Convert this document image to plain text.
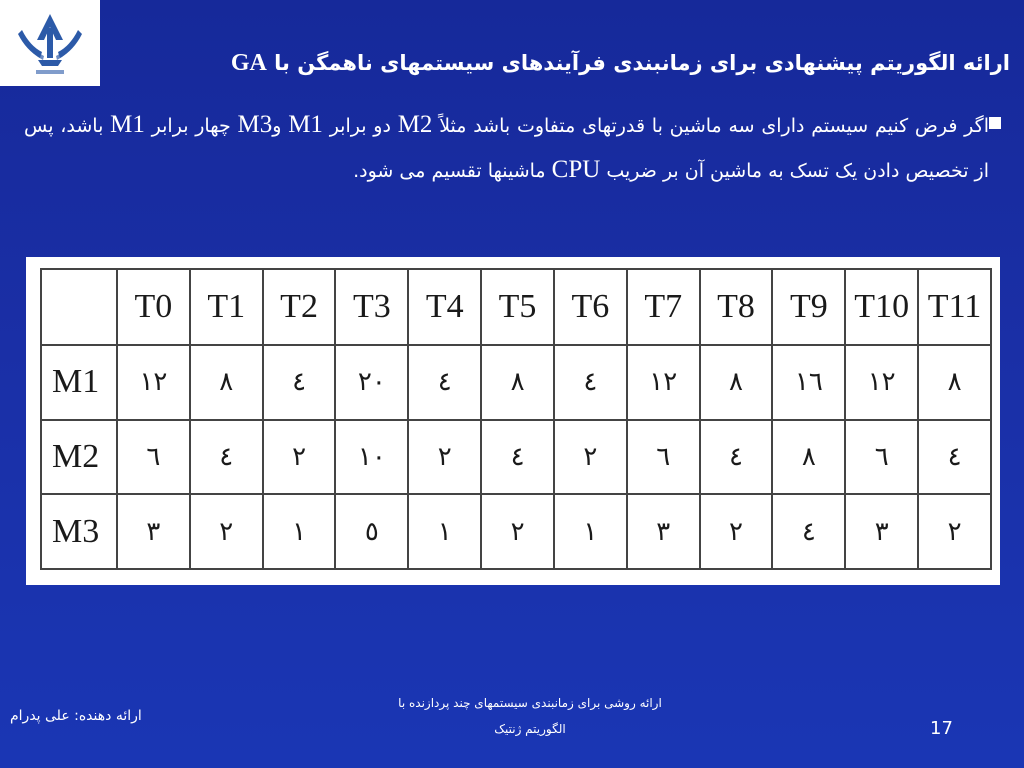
ارائه الگوریتم پیشنهادی برای زمانبندی فرآیندهای سیستمهای ناهمگن با GA
اگر فرض کنیم سیستم دارای سه ماشین با قدرتهای متفاوت باشد مثلاً M2 دو برابر M1 وM3 چهار برابر M1 باشد، پس از تخصیص دادن یک تسک به ماشین آن بر ضریب CPU ماشینها تقسیم می شود.
	T0	T1	T2	T3	T4	T5	T6	T7	T8	T9	T10	T11
M1	۱۲	۸	٤	۲۰	٤	۸	٤	۱۲	۸	۱٦	۱۲	۸
M2	٦	٤	۲	۱۰	۲	٤	۲	٦	٤	۸	٦	٤
M3	۳	۲	۱	٥	۱	۲	۱	۳	۲	٤	۳	۲
ارائه دهنده: علی پدرام
ارائه روشی برای زمانبندی سیستمهای چند پردازنده با
الگوریتم ژنتیک	17
